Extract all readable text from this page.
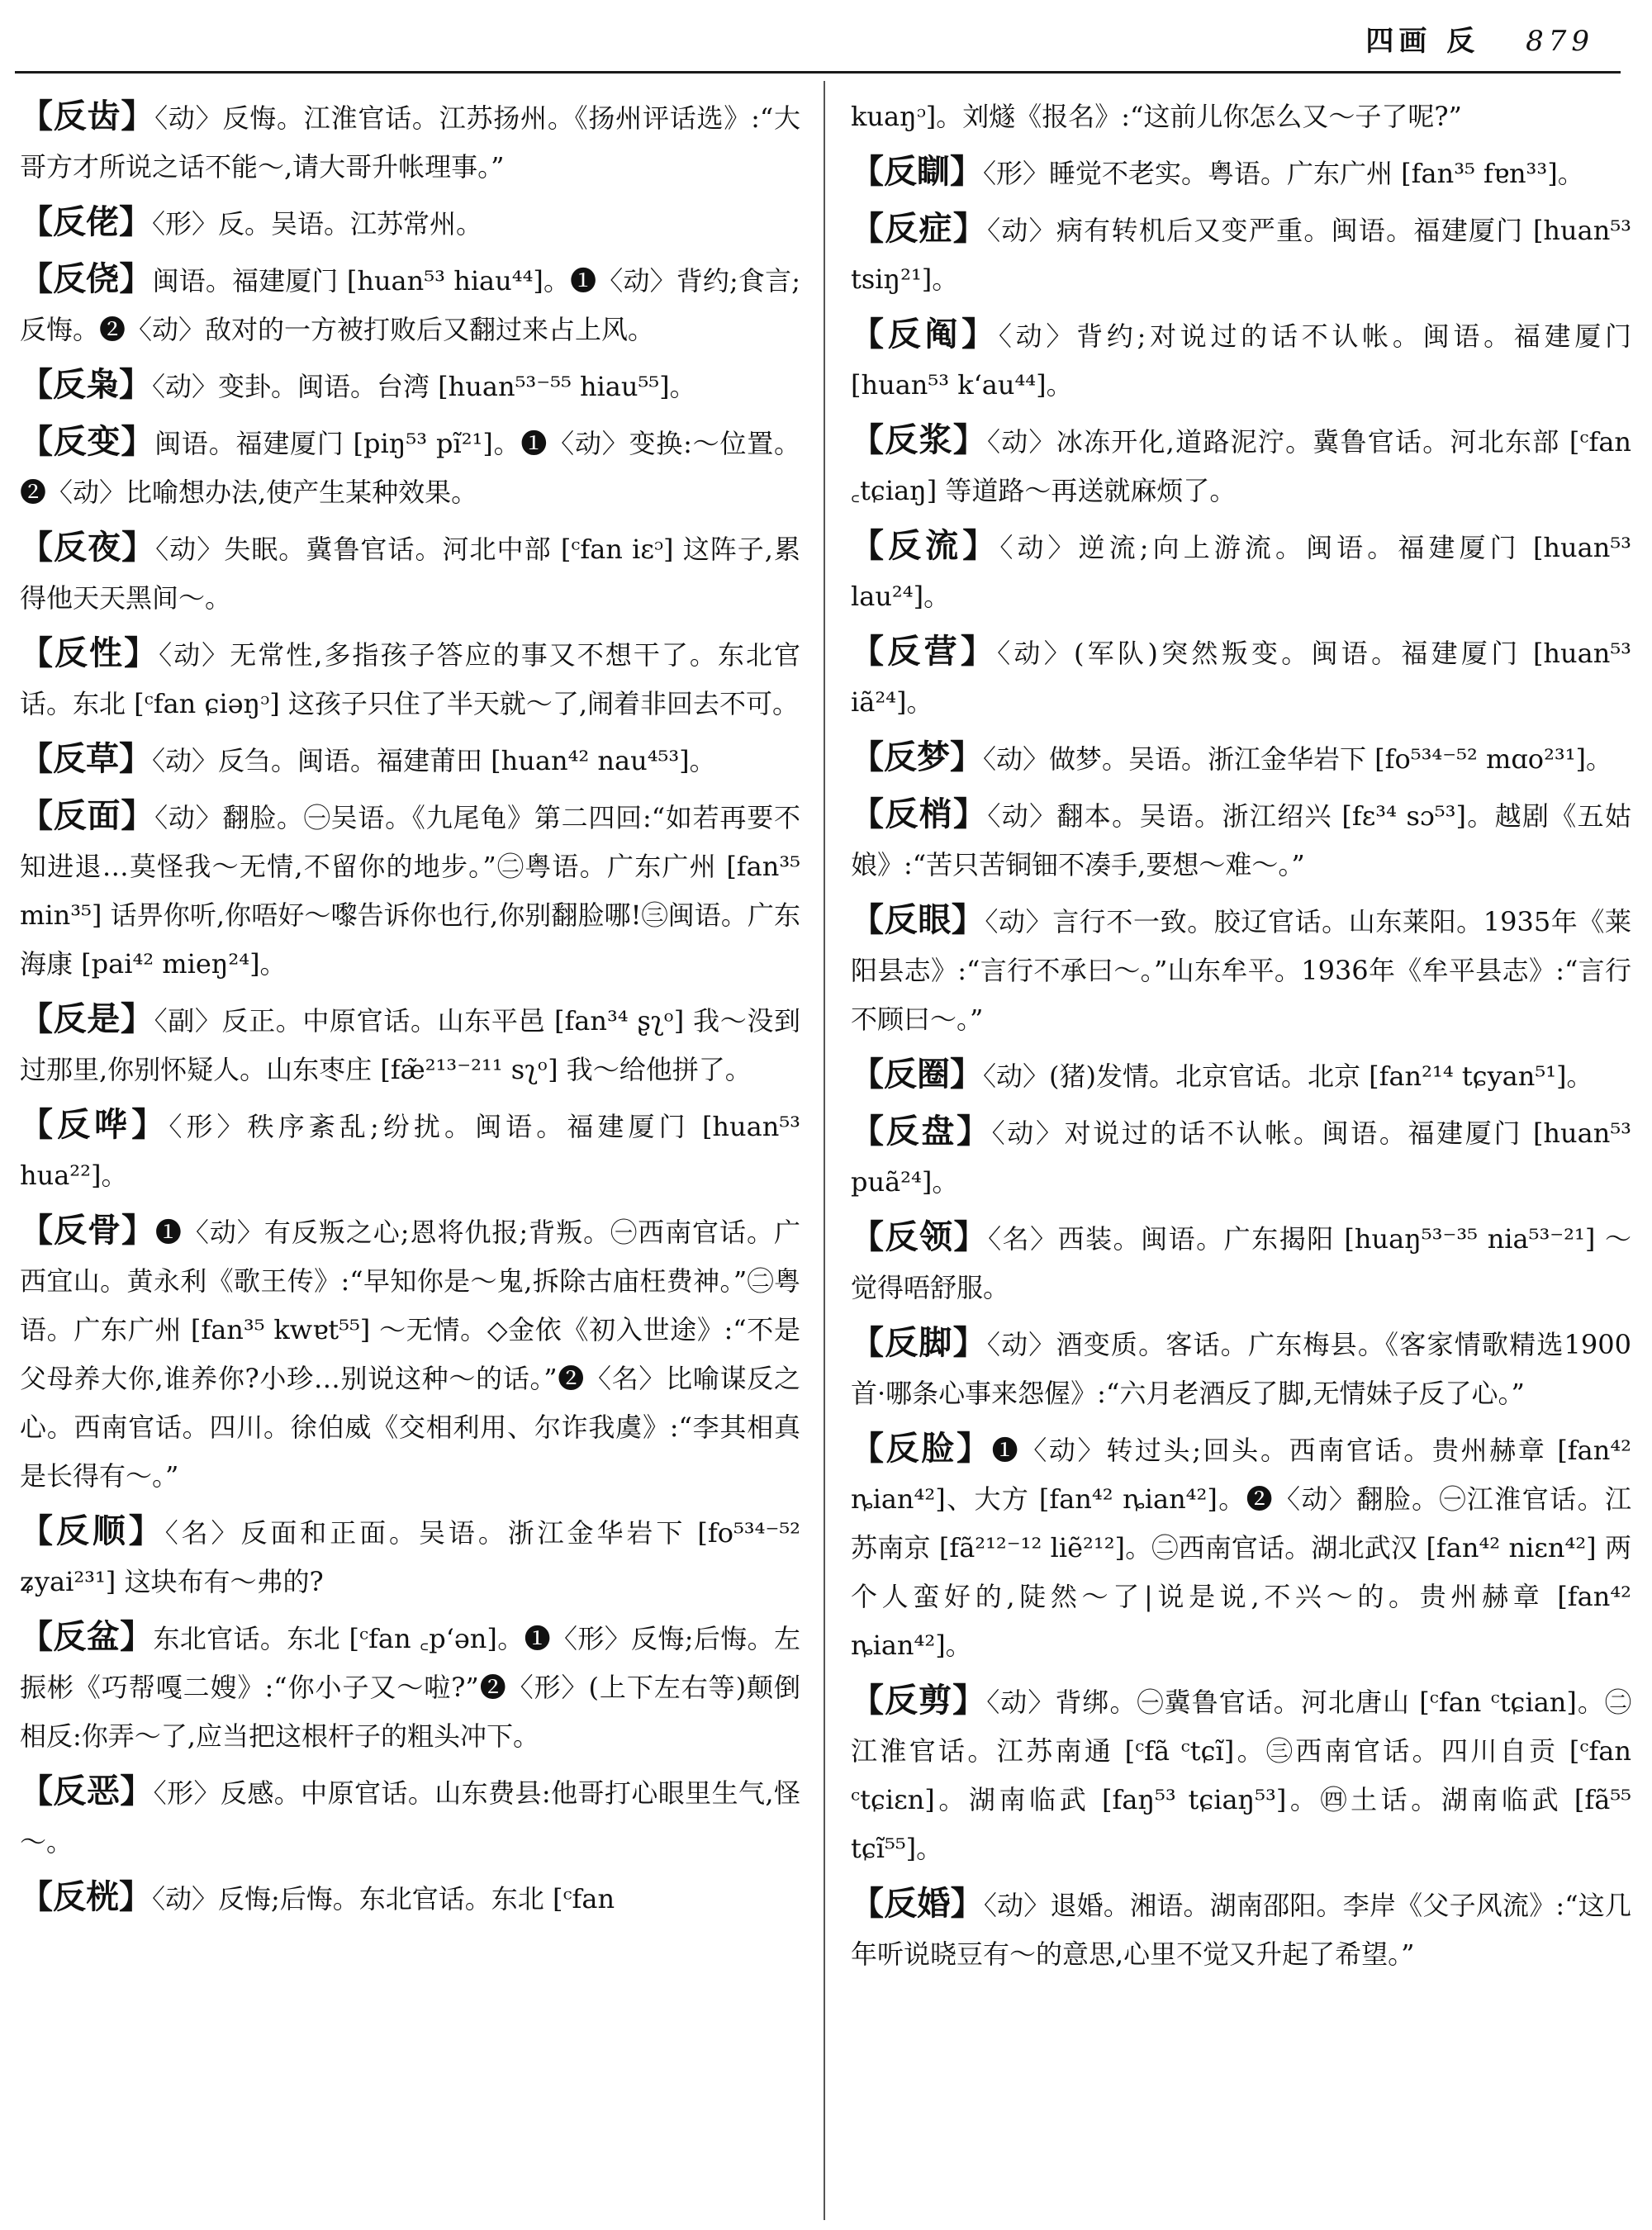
四画 反 879

【反齿】〈动〉反悔。江淮官话。江苏扬州。《扬州评话选》:“大哥方才所说之话不能～,请大哥升帐理事。”

【反佬】〈形〉反。吴语。江苏常州。

【反侥】闽语。福建厦门 [huan⁵³ hiau⁴⁴]。❶〈动〉背约;食言;反悔。❷〈动〉敌对的一方被打败后又翻过来占上风。

【反枭】〈动〉变卦。闽语。台湾 [huan⁵³⁻⁵⁵ hiau⁵⁵]。

【反变】闽语。福建厦门 [piŋ⁵³ pĩ²¹]。❶〈动〉变换:～位置。❷〈动〉比喻想办法,使产生某种效果。

【反夜】〈动〉失眠。冀鲁官话。河北中部 [ᶜfan iɛᵓ] 这阵子,累得他天天黑间～。

【反性】〈动〉无常性,多指孩子答应的事又不想干了。东北官话。东北 [ᶜfan ɕiəŋᵓ] 这孩子只住了半天就～了,闹着非回去不可。

【反草】〈动〉反刍。闽语。福建莆田 [huan⁴² nau⁴⁵³]。

【反面】〈动〉翻脸。㊀吴语。《九尾龟》第二四回:“如若再要不知进退…莫怪我～无情,不留你的地步。”㊁粤语。广东广州 [fan³⁵ min³⁵] 话畀你听,你唔好～嚟告诉你也行,你别翻脸哪!㊂闽语。广东海康 [pai⁴² mieŋ²⁴]。

【反是】〈副〉反正。中原官话。山东平邑 [fan³⁴ ʂʅᵒ] 我～没到过那里,你别怀疑人。山东枣庄 [fæ̃²¹³⁻²¹¹ sʅᵒ] 我～给他拼了。

【反哗】〈形〉秩序紊乱;纷扰。闽语。福建厦门 [huan⁵³ hua²²]。

【反骨】❶〈动〉有反叛之心;恩将仇报;背叛。㊀西南官话。广西宜山。黄永利《歌王传》:“早知你是～鬼,拆除古庙枉费神。”㊁粤语。广东广州 [fan³⁵ kwɐt⁵⁵] ～无情。◇金依《初入世途》:“不是父母养大你,谁养你?小珍…别说这种～的话。”❷〈名〉比喻谋反之心。西南官话。四川。徐伯威《交相利用、尔诈我虞》:“李其相真是长得有～。”

【反顺】〈名〉反面和正面。吴语。浙江金华岩下 [fo⁵³⁴⁻⁵² ʑyai²³¹] 这块布有～弗的?

【反盆】东北官话。东北 [ᶜfan ꜀pʻən]。❶〈形〉反悔;后悔。左振彬《巧帮嘎二嫂》:“你小子又～啦?”❷〈形〉(上下左右等)颠倒相反:你弄～了,应当把这根杆子的粗头冲下。

【反恶】〈形〉反感。中原官话。山东费县:他哥打心眼里生气,怪～。

【反桄】〈动〉反悔;后悔。东北官话。东北 [ᶜfan

kuaŋᵓ]。刘燧《报名》:“这前儿你怎么又～子了呢?”

【反瞓】〈形〉睡觉不老实。粤语。广东广州 [fan³⁵ fɐn³³]。

【反症】〈动〉病有转机后又变严重。闽语。福建厦门 [huan⁵³ tsiŋ²¹]。

【反阄】〈动〉背约;对说过的话不认帐。闽语。福建厦门 [huan⁵³ kʻau⁴⁴]。

【反浆】〈动〉冰冻开化,道路泥泞。冀鲁官话。河北东部 [ᶜfan ꜀tɕiaŋ] 等道路～再送就麻烦了。

【反流】〈动〉逆流;向上游流。闽语。福建厦门 [huan⁵³ lau²⁴]。

【反营】〈动〉(军队)突然叛变。闽语。福建厦门 [huan⁵³ iã²⁴]。

【反梦】〈动〉做梦。吴语。浙江金华岩下 [fo⁵³⁴⁻⁵² mɑo²³¹]。

【反梢】〈动〉翻本。吴语。浙江绍兴 [fɛ³⁴ sɔ⁵³]。越剧《五姑娘》:“苦只苦铜钿不凑手,要想～难～。”

【反眼】〈动〉言行不一致。胶辽官话。山东莱阳。1935年《莱阳县志》:“言行不承曰～。”山东牟平。1936年《牟平县志》:“言行不顾曰～。”

【反圈】〈动〉(猪)发情。北京官话。北京 [fan²¹⁴ tɕyan⁵¹]。

【反盘】〈动〉对说过的话不认帐。闽语。福建厦门 [huan⁵³ puã²⁴]。

【反领】〈名〉西装。闽语。广东揭阳 [huaŋ⁵³⁻³⁵ nia⁵³⁻²¹] ～觉得唔舒服。

【反脚】〈动〉酒变质。客话。广东梅县。《客家情歌精选1900首·哪条心事来怨偓》:“六月老酒反了脚,无情妹子反了心。”

【反脸】❶〈动〉转过头;回头。西南官话。贵州赫章 [fan⁴² ȵian⁴²]、大方 [fan⁴² ȵian⁴²]。❷〈动〉翻脸。㊀江淮官话。江苏南京 [fã²¹²⁻¹² liẽ²¹²]。㊁西南官话。湖北武汉 [fan⁴² niɛn⁴²] 两个人蛮好的,陡然～了|说是说,不兴～的。贵州赫章 [fan⁴² ȵian⁴²]。

【反剪】〈动〉背绑。㊀冀鲁官话。河北唐山 [ᶜfan ᶜtɕian]。㊁江淮官话。江苏南通 [ᶜfã ᶜtɕĩ]。㊂西南官话。四川自贡 [ᶜfan ᶜtɕiɛn]。湖南临武 [faŋ⁵³ tɕiaŋ⁵³]。㊃土话。湖南临武 [fã⁵⁵ tɕĩ⁵⁵]。

【反婚】〈动〉退婚。湘语。湖南邵阳。李岸《父子风流》:“这几年听说晓豆有～的意思,心里不觉又升起了希望。”
